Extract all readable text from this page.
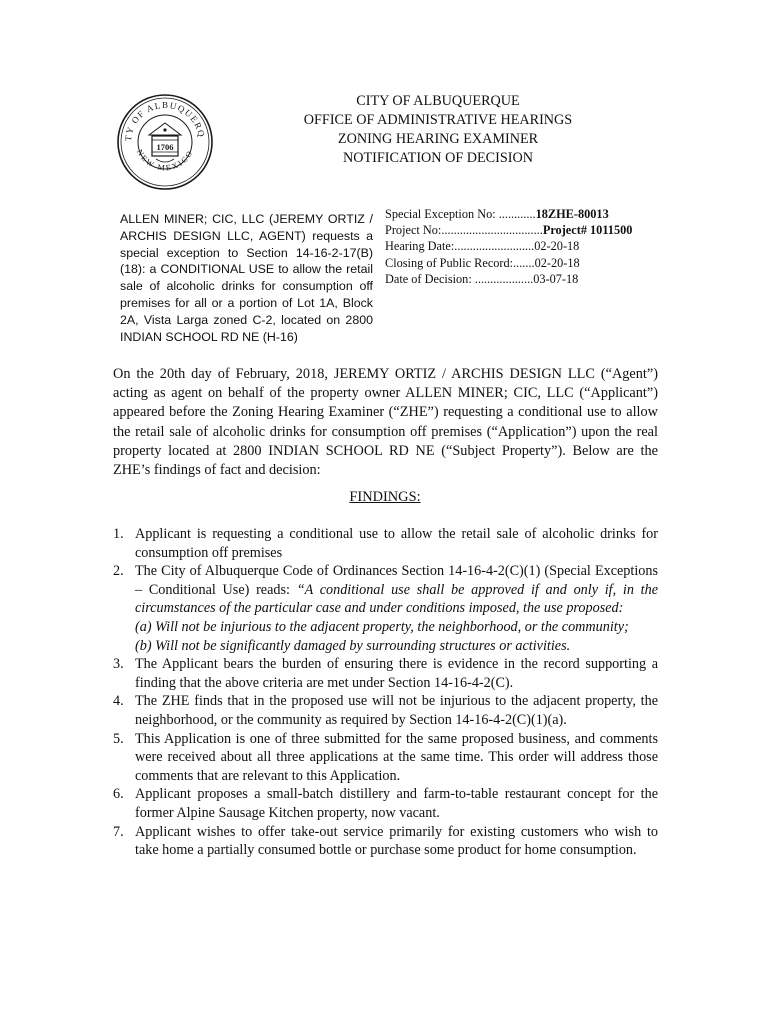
TY OF ALBUQUERQ
NEW MEXICO
1706
CITY OF ALBUQUERQUE
OFFICE OF ADMINISTRATIVE HEARINGS
ZONING HEARING EXAMINER
NOTIFICATION OF DECISION
ALLEN MINER; CIC, LLC (JEREMY ORTIZ / ARCHIS DESIGN LLC, AGENT) requests a special exception to Section 14-16-2-17(B)(18): a CONDITIONAL USE to allow the retail sale of alcoholic drinks for consumption off premises for all or a portion of Lot 1A, Block 2A, Vista Larga zoned C-2, located on 2800 INDIAN SCHOOL RD NE (H-16)
Special Exception No: ............18ZHE-80013
Project No:.................................Project# 1011500
Hearing Date:..........................02-20-18
Closing of Public Record:.......02-20-18
Date of Decision: ...................03-07-18
On the 20th day of February, 2018, JEREMY ORTIZ / ARCHIS DESIGN LLC (“Agent”) acting as agent on behalf of the property owner ALLEN MINER; CIC, LLC (“Applicant”) appeared before the Zoning Hearing Examiner (“ZHE”) requesting a conditional use to allow the retail sale of alcoholic drinks for consumption off premises (“Application”) upon the real property located at 2800 INDIAN SCHOOL RD NE (“Subject Property”). Below are the ZHE’s findings of fact and decision:
FINDINGS:
1. Applicant is requesting a conditional use to allow the retail sale of alcoholic drinks for consumption off premises
2. The City of Albuquerque Code of Ordinances Section 14-16-4-2(C)(1) (Special Exceptions – Conditional Use) reads: “A conditional use shall be approved if and only if, in the circumstances of the particular case and under conditions imposed, the use proposed:
(a) Will not be injurious to the adjacent property, the neighborhood, or the community;
(b) Will not be significantly damaged by surrounding structures or activities.
3. The Applicant bears the burden of ensuring there is evidence in the record supporting a finding that the above criteria are met under Section 14-16-4-2(C).
4. The ZHE finds that in the proposed use will not be injurious to the adjacent property, the neighborhood, or the community as required by Section 14-16-4-2(C)(1)(a).
5. This Application is one of three submitted for the same proposed business, and comments were received about all three applications at the same time. This order will address those comments that are relevant to this Application.
6. Applicant proposes a small-batch distillery and farm-to-table restaurant concept for the former Alpine Sausage Kitchen property, now vacant.
7. Applicant wishes to offer take-out service primarily for existing customers who wish to take home a partially consumed bottle or purchase some product for home consumption.
